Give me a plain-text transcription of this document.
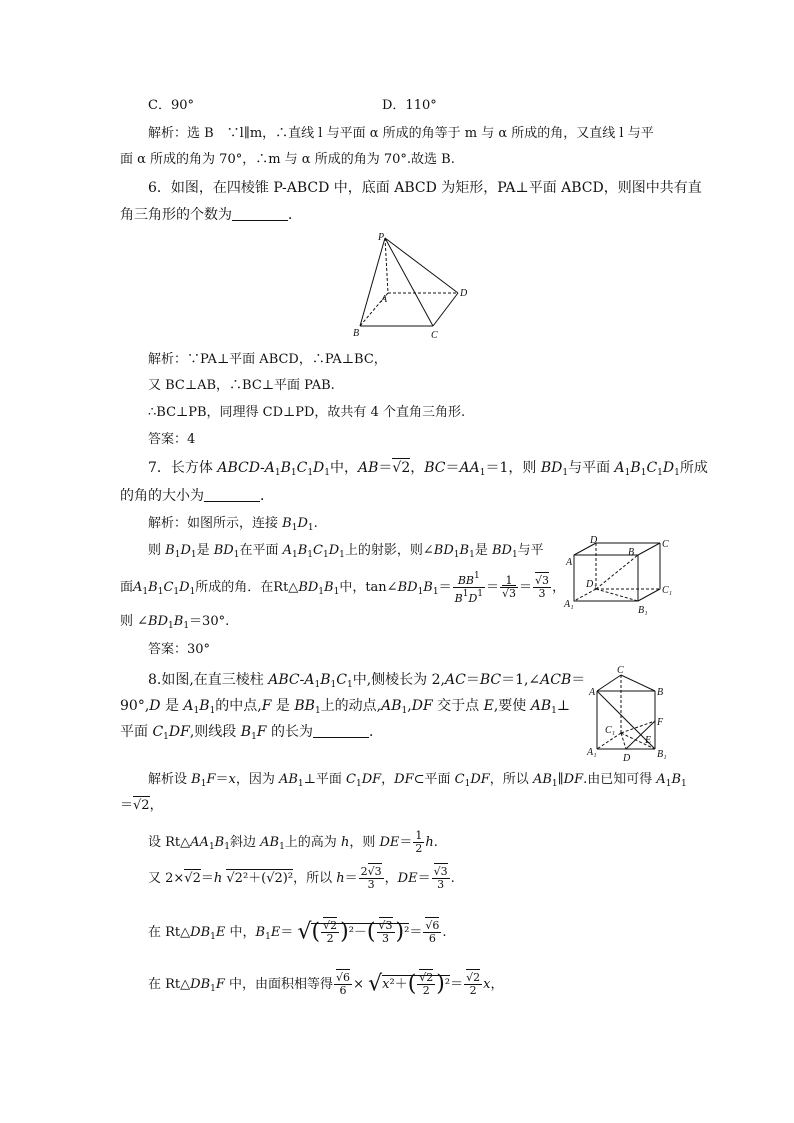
C．90°	D．110°
解析：选 B　∵l∥m，∴直线 l 与平面 α 所成的角等于 m 与 α 所成的角，又直线 l 与平
面 α 所成的角为 70°，∴m 与 α 所成的角为 70°.故选 B.
6．如图，在四棱锥 P-ABCD 中，底面 ABCD 为矩形，PA⊥平面 ABCD，则图中共有直
角三角形的个数为	．
P
A
B	C
D
解析：∵PA⊥平面 ABCD，∴PA⊥BC，
又 BC⊥AB，∴BC⊥平面 PAB.
∴BC⊥PB，同理得 CD⊥PD，故共有 4 个直角三角形.
答案：4
7．长方体 ABCD-$A_1B_1C_1D_1$中，AB＝√2，$BC=AA_1=1$，则 $BD_1$与平面 $A_1B_1C_1D_1$所成
的角的大小为	．
解析：如图所示，连接 $B_1D_1$.
则 $B_1D_1$是 $BD_1$在平面 $A_1B_1C_1D_1$上的射影，则$\angle BD_1B_1$是 $BD_1$与平
面$A_1B_1C_1D_1$所成的角．在$Rt\triangle BD_1B_1$中，$\tan\angle BD_1B_1= \frac{BB^1}{B^1D^1} = \frac{1}{√3} = \frac{√3}{3}$ ，
则 $\angle BD_1B_1=30^\circ$.
答案：30°
D
B
C
A
D₁
C₁
A₁
B₁
8.如图,在直三棱柱 ABC-$A_1B_1C_1$中,侧棱长为 2,AC＝BC＝1,∠ACB＝
90°,D 是 $A_1B_1$的中点,F 是 $BB_1$上的动点$,AB_1,DF$ 交于点 E,要使 $AB_1\perp$
平面 $C_1DF$,则线段 $B_1F$ 的长为	．
C
A	B
C₁
F
E
A₁	B₁
D
解析设 $B_1F=x$，因为 $AB_1\perp$平面 $C_1DF$，DF⊂平面 $C_1DF$，所以 $AB_1\parallel DF$.由已知可得 $A_1B_1$
＝√2，
设 $Rt\triangle AA_1B_1$斜边 $AB_1$上的高为 h，则 $DE= \frac{1}{2} h$.
又 2×√2＝h √2²＋(√2)²，所以 $h= \frac{2√3}{3}$ ，$DE= \frac{√3}{3}$ .
在 $Rt\triangle DB_1E$ 中，$B_1E=$ √( $\frac{√2}{2} )^2-( \frac{√3}{3} )^2= \frac{√6}{6}$ .
在 $Rt\triangle DB_1F$ 中，由面积相等得 $\frac{√6}{6} \times √x^2+( \frac{√2}{2} )^2= \frac{√2}{2}$ x，
